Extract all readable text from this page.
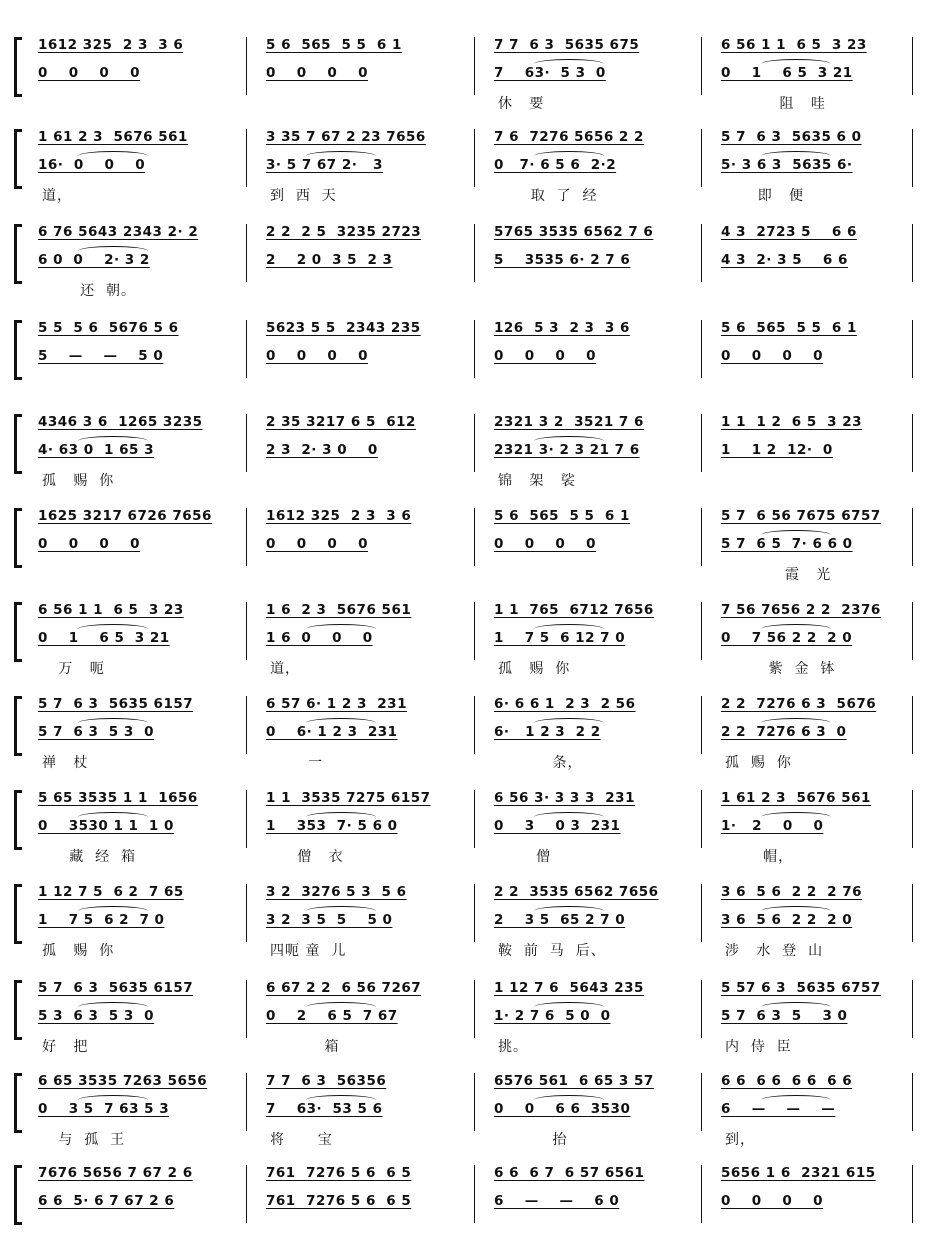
1612 325  2 3  3 6
0    0    0    0
5 6  565  5 5  6 1
0    0    0    0
7 7  6 3  5635 675
7    63·  5 3  0
休   要
6 56 1 1  6 5  3 23
0    1    6 5  3 21
阻   哇
1 61 2 3  5676 561
16·  0    0    0
道，
3 35 7 67 2 23 7656
3· 5 7 67 2·   3
到  西  天
7 6  7276 5656 2 2
0   7· 6 5 6  2·2
取  了  经
5 7  6 3  5635 6 0
5· 3 6 3  5635 6·
即   便
6 76 5643 2343 2· 2
6 0  0    2· 3 2
还  朝。
2 2  2 5  3235 2723
2    2 0  3 5  2 3
5765 3535 6562 7 6
5    3535 6· 2 7 6
4 3  2723 5    6 6
4 3  2· 3 5    6 6
5 5  5 6  5676 5 6
5    —    —    5 0
5623 5 5  2343 235
0    0    0    0
126  5 3  2 3  3 6
0    0    0    0
5 6  565  5 5  6 1
0    0    0    0
4346 3 6  1265 3235
4· 63 0  1 65 3
孤   赐  你
2 35 3217 6 5  612
2 3  2· 3 0    0
2321 3 2  3521 7 6
2321 3· 2 3 21 7 6
锦   架   裟
1 1  1 2  6 5  3 23
1    1 2  12·  0
1625 3217 6726 7656
0    0    0    0
1612 325  2 3  3 6
0    0    0    0
5 6  565  5 5  6 1
0    0    0    0
5 7  6 56 7675 6757
5 7  6 5  7· 6 6 0
霞   光
6 56 1 1  6 5  3 23
0    1    6 5  3 21
万   呃
1 6  2 3  5676 561
1 6  0    0    0
道，
1 1  765  6712 7656
1    7 5  6 12 7 0
孤   赐  你
7 56 7656 2 2  2376
0    7 56 2 2  2 0
紫  金  钵
5 7  6 3  5635 6157
5 7  6 3  5 3  0
禅   杖
6 57 6· 1 2 3  231
0    6· 1 2 3  231
一
6· 6 6 1  2 3  2 56
6·   1 2 3  2 2
条，
2 2  7276 6 3  5676
2 2  7276 6 3  0
孤  赐  你
5 65 3535 1 1  1656
0    3530 1 1  1 0
藏  经  箱
1 1  3535 7275 6157
1    353  7· 5 6 0
僧   衣
6 56 3· 3 3 3  231
0    3    0 3  231
僧
1 61 2 3  5676 561
1·   2    0    0
帽，
1 12 7 5  6 2  7 65
1    7 5  6 2  7 0
孤   赐  你
3 2  3276 5 3  5 6
3 2  3 5  5    5 0
四呃 童  儿
2 2  3535 6562 7656
2    3 5  65 2 7 0
鞍  前  马  后、
3 6  5 6  2 2  2 76
3 6  5 6  2 2  2 0
涉   水  登  山
5 7  6 3  5635 6157
5 3  6 3  5 3  0
好   把
6 67 2 2  6 56 7267
0    2    6 5  7 67
箱
1 12 7 6  5643 235
1· 2 7 6  5 0  0
挑。
5 57 6 3  5635 6757
5 7  6 3  5    3 0
内  侍  臣
6 65 3535 7263 5656
0    3 5  7 63 5 3
与  孤  王
7 7  6 3  56356
7    63·  53 5 6
将      宝
6576 561  6 65 3 57
0    0    6 6  3530
抬
6 6  6 6  6 6  6 6
6    —    —    —
到，
7676 5656 7 67 2 6
6 6  5· 6 7 67 2 6
761  7276 5 6  6 5
761  7276 5 6  6 5
6 6  6 7  6 57 6561
6    —    —    6 0
5656 1 6  2321 615
0    0    0    0
